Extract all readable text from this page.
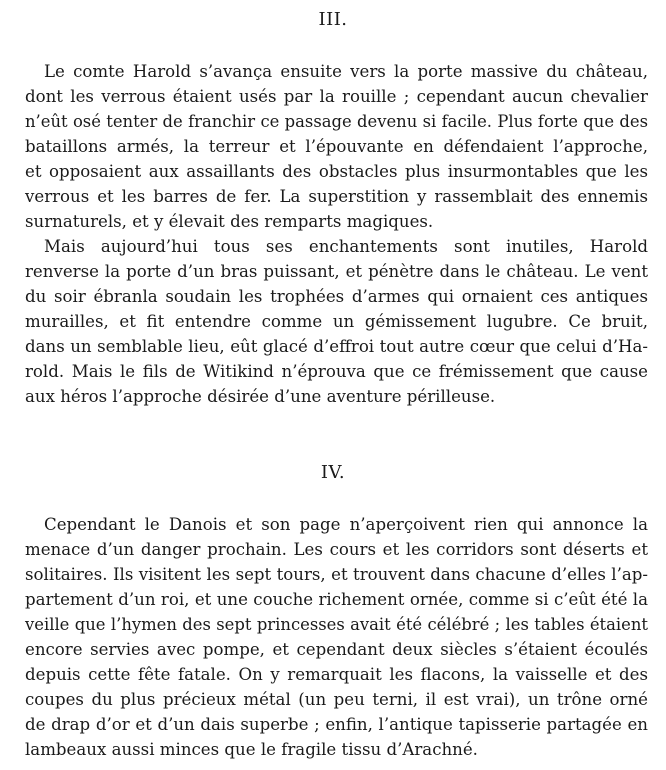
III.
Le comte Harold s’avança ensuite vers la porte massive du château,
dont les verrous étaient usés par la rouille ; cependant aucun chevalier
n’eût osé tenter de franchir ce passage devenu si facile. Plus forte que des
bataillons armés, la terreur et l’épouvante en défendaient l’approche,
et opposaient aux assaillants des obstacles plus insurmontables que les
verrous et les barres de fer. La superstition y rassemblait des ennemis
surnaturels, et y élevait des remparts magiques.
Mais aujourd’hui tous ses enchantements sont inutiles, Harold
renverse la porte d’un bras puissant, et pénètre dans le château. Le vent
du soir ébranla soudain les trophées d’armes qui ornaient ces antiques
murailles, et fit entendre comme un gémissement lugubre. Ce bruit,
dans un semblable lieu, eût glacé d’effroi tout autre cœur que celui d’Ha-
rold. Mais le fils de Witikind n’éprouva que ce frémissement que cause
aux héros l’approche désirée d’une aventure périlleuse.
IV.
Cependant le Danois et son page n’aperçoivent rien qui annonce la
menace d’un danger prochain. Les cours et les corridors sont déserts et
solitaires. Ils visitent les sept tours, et trouvent dans chacune d’elles l’ap-
partement d’un roi, et une couche richement ornée, comme si c’eût été la
veille que l’hymen des sept princesses avait été célébré ; les tables étaient
encore servies avec pompe, et cependant deux siècles s’étaient écoulés
depuis cette fête fatale. On y remarquait les flacons, la vaisselle et des
coupes du plus précieux métal (un peu terni, il est vrai), un trône orné
de drap d’or et d’un dais superbe ; enfin, l’antique tapisserie partagée en
lambeaux aussi minces que le fragile tissu d’Arachné.
